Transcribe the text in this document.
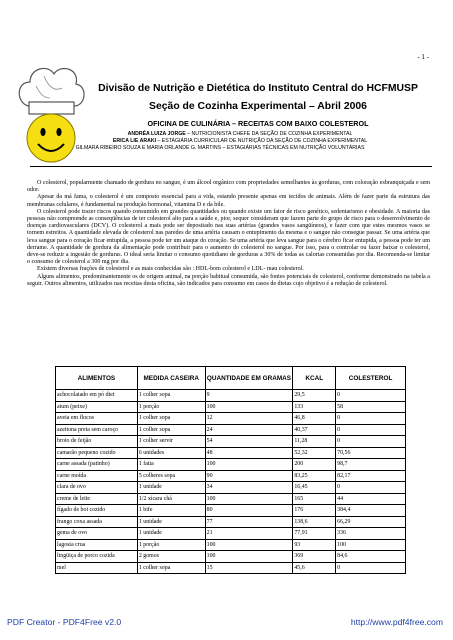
- 1 -
Divisão de Nutrição e Dietética do Instituto Central do HCFMUSP
Seção de Cozinha Experimental – Abril 2006
OFICINA DE CULINÁRIA – RECEITAS COM BAIXO COLESTEROL
ANDRÉA LUIZA JORGE – NUTRICIONISTA CHEFE DA SEÇÃO DE COZINHA EXPERIMENTAL
ERICA LIE ARAKI – ESTAGIÁRIA CURRICULAR DE NUTRIÇÃO DA SEÇÃO DE COZINHA EXPERIMENTAL
GILMARA RIBEIRO SOUZA E MARIA ORLANDE G. MARTINS – ESTAGIÁRIAS TÉCNICAS EM NUTRIÇÃO VOLUNTÁRIAS

O colesterol, popularmente chamado de gordura no sangue, é um álcool orgânico com propriedades semelhantes às gorduras, com coloração esbranquiçada e sem odor.

Apesar da má fama, o colesterol é um composto essencial para a vida, estando presente apenas em tecidos de animais. Além de fazer parte da estrutura das membranas celulares, é fundamental na produção hormonal, vitamina D e da bile.

O colesterol pode trazer riscos quando consumido em grandes quantidades ou quando existe um fator de risco genético, sedentarismo e obesidade. A maioria das pessoas não compreende as conseqüências de ter colesterol alto para a saúde e, pior, sequer consideram que fazem parte do grupo de risco para o desenvolvimento de doenças cardiovasculares (DCV). O colesterol a mais pode ser depositado nas suas artérias (grandes vasos sangüíneos), e fazer com que estes mesmos vasos se tornem estreitos. A quantidade elevada de colesterol nas paredes de uma artéria causam o entupimento da mesma e o sangue não consegue passar. Se uma artéria que leva sangue para o coração ficar entupida, a pessoa pode ter um ataque do coração. Se uma artéria que leva sangue para o cérebro ficar entupida, a pessoa pode ter um derrame. A quantidade de gordura da alimentação pode contribuir para o aumento do colesterol no sangue. Por isso, para o controlar ou fazer baixar o colesterol, deve-se reduzir a ingestão de gorduras. O ideal seria limitar o consumo quotidiano de gorduras a 30% de todas as calorias consumidas por dia. Recomenda-se limitar o consumo de colesterol a 300 mg por dia.

Existem diversas frações de colesterol e as mais conhecidas são : HDL-bom colesterol e LDL- mau colesterol.

Alguns alimentos, predominantemente os de origem animal, na porção habitual consumida, são fontes potenciais de colesterol, conforme demonstrado na tabela a seguir. Outros alimentos, utilizados nas receitas desta oficina, são indicados para consumo em casos de dietas cujo objetivo é a redução de colesterol.

ALIMENTOS	MEDIDA CASEIRA	QUANTIDADE EM GRAMAS	KCAL	COLESTEROL
achocolatado em pó diet	1 colher sopa	9	29,5	0
atum (peixe)	1 porção	100	133	58
aveia em flocos	1 colher sopa	12	46,8	0
azeitona preta sem caroço	1 colher sopa	24	40,37	0
broto de feijão	1 colher servir	54	11,28	0
camarão pequeno cozido	6 unidades	48	52,32	70,56
carne assada (patinho)	1 fatia	100	200	98,7
carne moída	5 colheres sopa	90	83,25	82,17
clara de ovo	1 unidade	34	16,45	0
creme de leite	1/2 xícara chá	100	165	44
fígado de boi cozido	1 bife	80	176	384,4
frango coxa assada	1 unidade	77	138,6	66,29
gema de ovo	1 unidade	21	77,91	336
lagosta crua	1 porção	100	93	100
lingüiça de porco cozida	2 gomos	100	369	84,6
mel	1 colher sopa	15	45,6	0
PDF Creator - PDF4Free v2.0	http://www.pdf4free.com
